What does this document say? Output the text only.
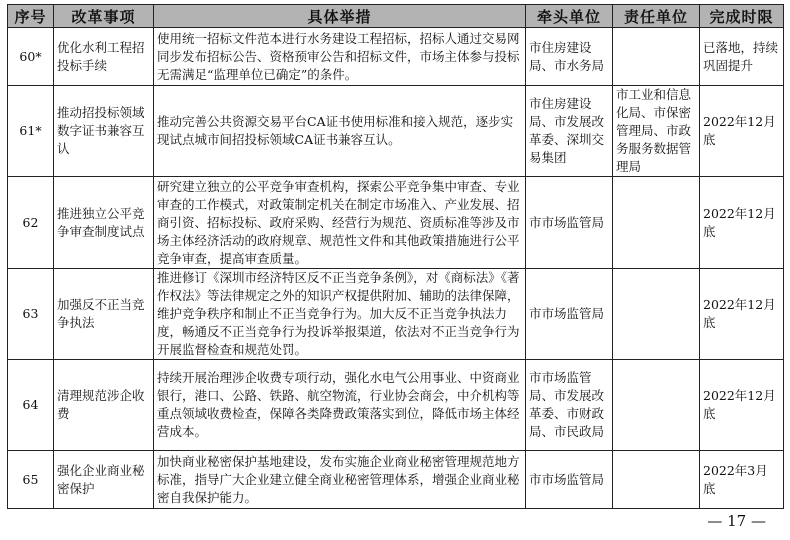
序号	改革事项	具体举措	牵头单位	责任单位	完成时限
60*	优化水利工程招投标手续	使用统一招标文件范本进行水务建设工程招标，招标人通过交易网同步发布招标公告、资格预审公告和招标文件，市场主体参与投标无需满足“监理单位已确定”的条件。	市住房建设局、市水务局		已落地，持续巩固提升
61*	推动招投标领域数字证书兼容互认	推动完善公共资源交易平台CA证书使用标准和接入规范，逐步实现试点城市间招投标领域CA证书兼容互认。	市住房建设局、市发展改革委、深圳交易集团	市工业和信息化局、市保密管理局、市政务服务数据管理局	2022年12月底
62	推进独立公平竞争审查制度试点	研究建立独立的公平竞争审查机构，探索公平竞争集中审查、专业审查的工作模式，对政策制定机关在制定市场准入、产业发展、招商引资、招标投标、政府采购、经营行为规范、资质标准等涉及市场主体经济活动的政府规章、规范性文件和其他政策措施进行公平竞争审查，提高审查质量。	市市场监管局		2022年12月底
63	加强反不正当竞争执法	推进修订《深圳市经济特区反不正当竞争条例》，对《商标法》《著作权法》等法律规定之外的知识产权提供附加、辅助的法律保障，维护竞争秩序和制止不正当竞争行为。加大反不正当竞争执法力度，畅通反不正当竞争行为投诉举报渠道，依法对不正当竞争行为开展监督检查和规范处罚。	市市场监管局		2022年12月底
64	清理规范涉企收费	持续开展治理涉企收费专项行动，强化水电气公用事业、中资商业银行，港口、公路、铁路、航空物流，行业协会商会，中介机构等重点领域收费检查，保障各类降费政策落实到位，降低市场主体经营成本。	市市场监管局、市发展改革委、市财政局、市民政局		2022年12月底
65	强化企业商业秘密保护	加快商业秘密保护基地建设，发布实施企业商业秘密管理规范地方标准，指导广大企业建立健全商业秘密管理体系，增强企业商业秘密自我保护能力。	市市场监管局		2022年3月底
— 17 —
